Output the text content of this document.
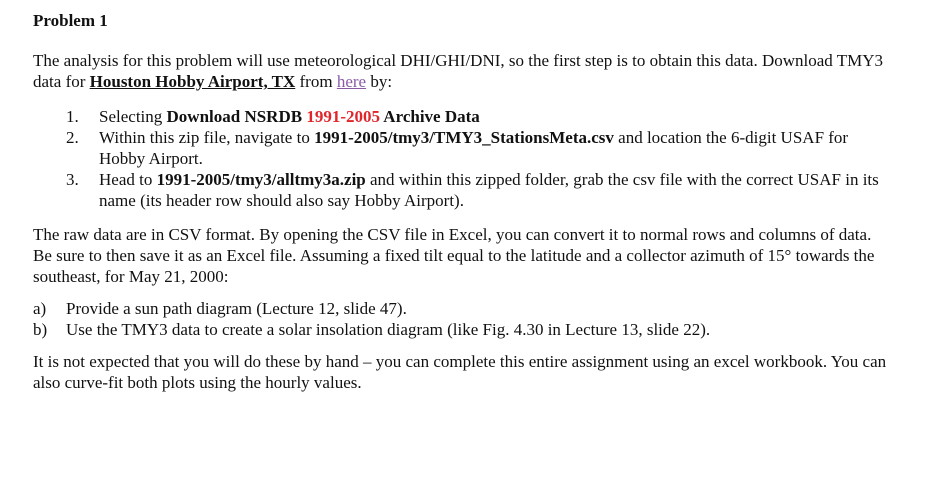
Problem 1

The analysis for this problem will use meteorological DHI/GHI/DNI, so the first step is to obtain this data. Download TMY3 data for Houston Hobby Airport, TX from here by:

1. Selecting Download NSRDB 1991-2005 Archive Data
2. Within this zip file, navigate to 1991-2005/tmy3/TMY3_StationsMeta.csv and location the 6-digit USAF for Hobby Airport.
3. Head to 1991-2005/tmy3/alltmy3a.zip and within this zipped folder, grab the csv file with the correct USAF in its name (its header row should also say Hobby Airport).

The raw data are in CSV format. By opening the CSV file in Excel, you can convert it to normal rows and columns of data. Be sure to then save it as an Excel file. Assuming a fixed tilt equal to the latitude and a collector azimuth of 15° towards the southeast, for May 21, 2000:

a) Provide a sun path diagram (Lecture 12, slide 47).
b) Use the TMY3 data to create a solar insolation diagram (like Fig. 4.30 in Lecture 13, slide 22).

It is not expected that you will do these by hand – you can complete this entire assignment using an excel workbook. You can also curve-fit both plots using the hourly values.
